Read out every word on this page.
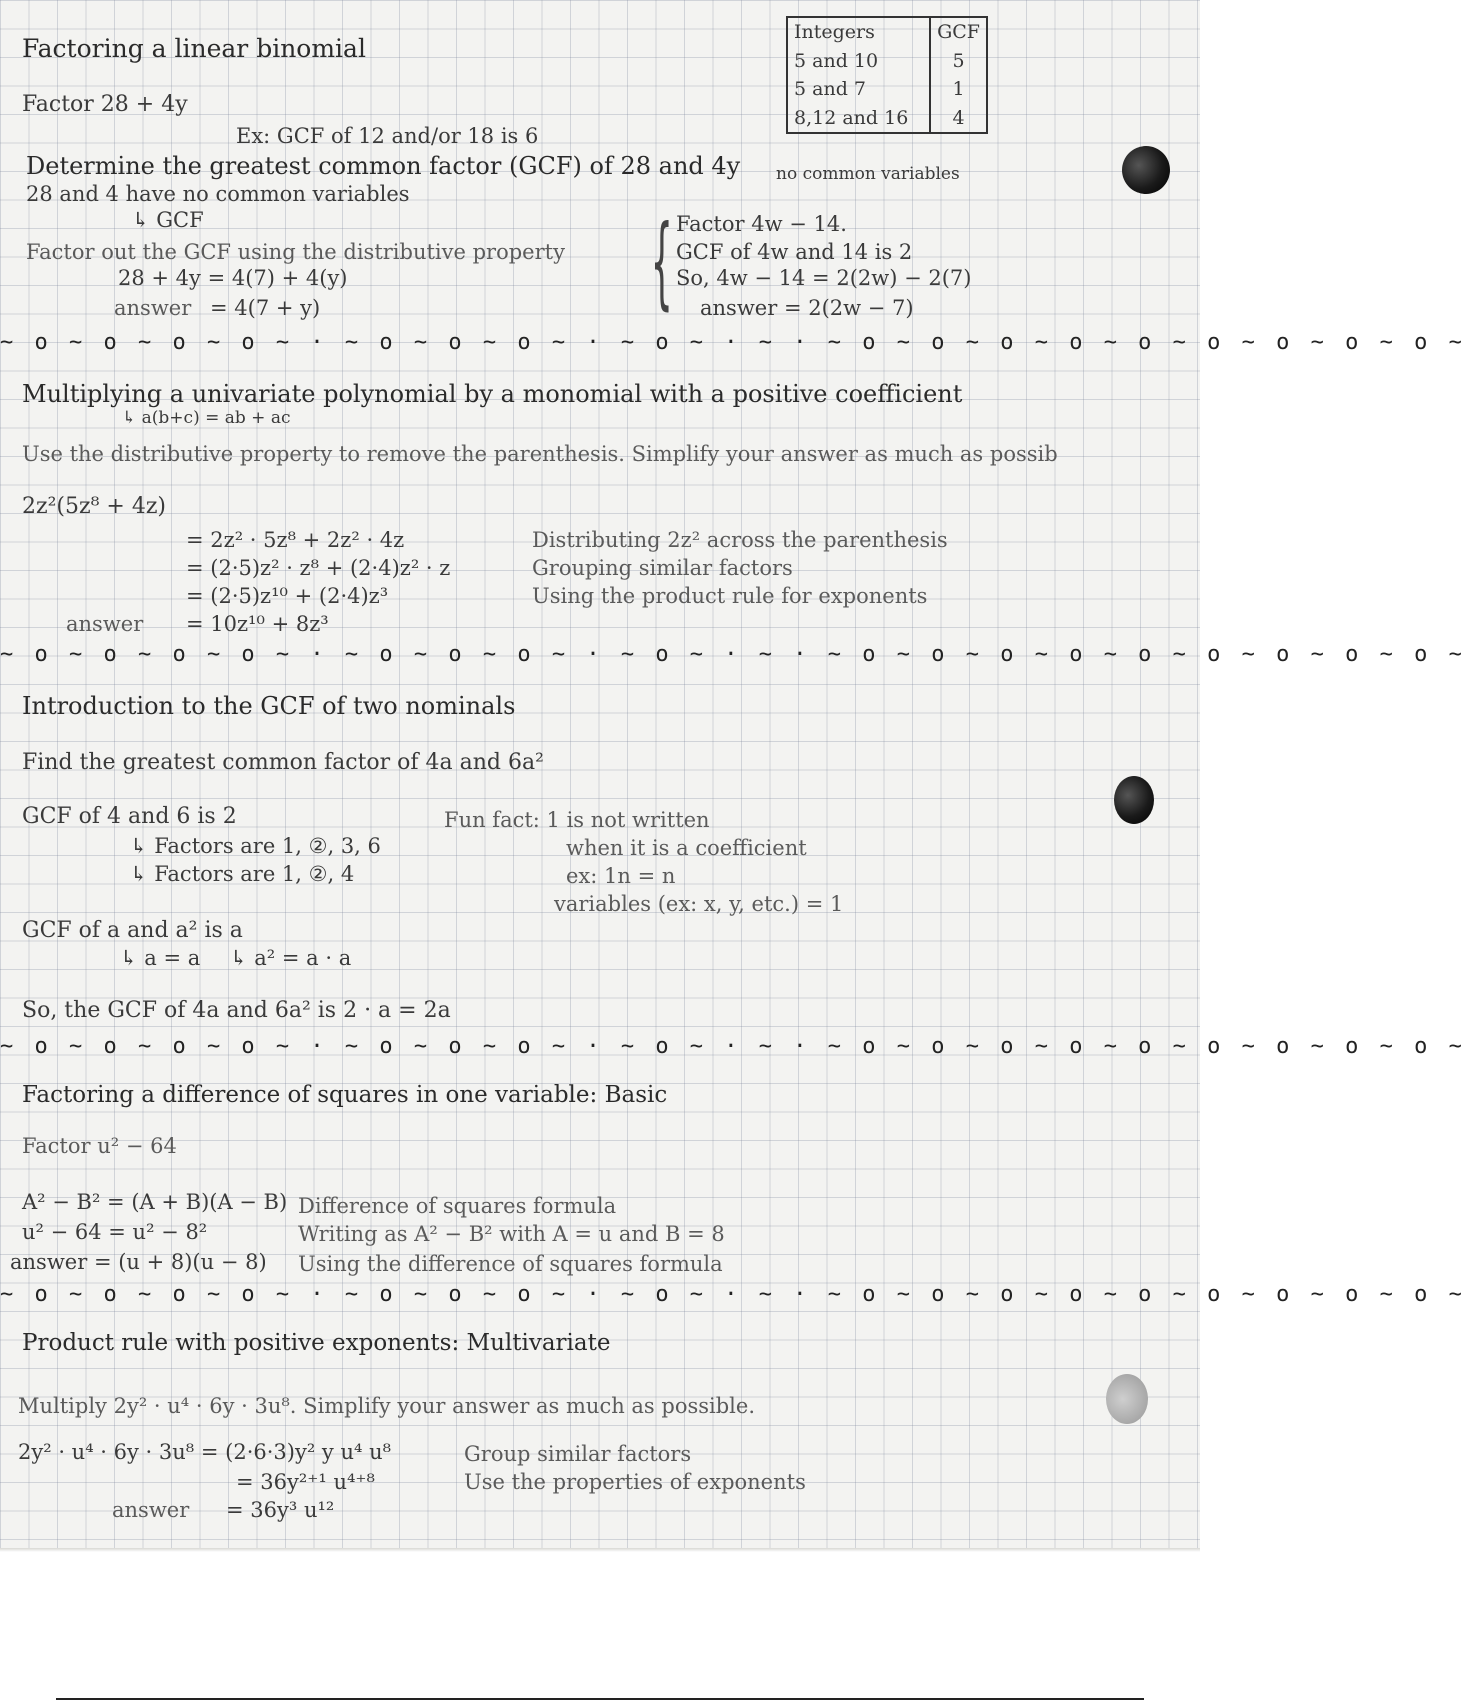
Factoring a linear binomial
Factor 28 + 4y
Ex: GCF of 12 and/or 18 is 6
Determine the greatest common factor (GCF) of 28 and 4y no common variables
28 and 4 have no common variables
↳ GCF
Factor out the GCF using the distributive property
28 + 4y = 4(7) + 4(y)
answer = 4(7 + y)	{ Factor 4w − 14.
GCF of 4w and 14 is 2
So, 4w − 14 = 2(2w) − 2(7)
answer = 2(2w − 7)
Integers	GCF
5 and 10	5
5 and 7	1
8,12 and 16	4
~ o ~ o ~ o ~ o ~ · ~ o ~ o ~ o ~ · ~ o ~ · ~ · ~ o ~ o ~ o ~ o ~ o ~ o ~ o ~ o ~ o ~
Multiplying a univariate polynomial by a monomial with a positive coefficient
↳ a(b+c) = ab + ac
Use the distributive property to remove the parenthesis. Simplify your answer as much as possib
2z²(5z⁸ + 4z)
= 2z² · 5z⁸ + 2z² · 4z
= (2·5)z² · z⁸ + (2·4)z² · z
= (2·5)z¹⁰ + (2·4)z³
Distributing 2z² across the parenthesis
Grouping similar factors
Using the product rule for exponents
answer = 10z¹⁰ + 8z³
~ o ~ o ~ o ~ o ~ · ~ o ~ o ~ o ~ · ~ o ~ · ~ · ~ o ~ o ~ o ~ o ~ o ~ o ~ o ~ o ~ o ~
Introduction to the GCF of two nominals
Find the greatest common factor of 4a and 6a²
GCF of 4 and 6 is 2
↳ Factors are 1, ②, 3, 6
↳ Factors are 1, ②, 4
Fun fact: 1 is not written
when it is a coefficient
ex: 1n = n
variables (ex: x, y, etc.) = 1
GCF of a and a² is a
↳ a = a ↳ a² = a · a
So, the GCF of 4a and 6a² is 2 · a = 2a
~ o ~ o ~ o ~ o ~ · ~ o ~ o ~ o ~ · ~ o ~ · ~ · ~ o ~ o ~ o ~ o ~ o ~ o ~ o ~ o ~ o ~
Factoring a difference of squares in one variable: Basic
Factor u² − 64
A² − B² = (A + B)(A − B) Difference of squares formula
u² − 64 = u² − 8²	Writing as A² − B² with A = u and B = 8
answer = (u + 8)(u − 8) Using the difference of squares formula
~ o ~ o ~ o ~ o ~ · ~ o ~ o ~ o ~ · ~ o ~ · ~ · ~ o ~ o ~ o ~ o ~ o ~ o ~ o ~ o ~ o ~
Product rule with positive exponents: Multivariate
Multiply 2y² · u⁴ · 6y · 3u⁸. Simplify your answer as much as possible.
2y² · u⁴ · 6y · 3u⁸ = (2·6·3)y² y u⁴ u⁸	Group similar factors
= 36y²⁺¹ u⁴⁺⁸	Use the properties of exponents
answer = 36y³ u¹²
